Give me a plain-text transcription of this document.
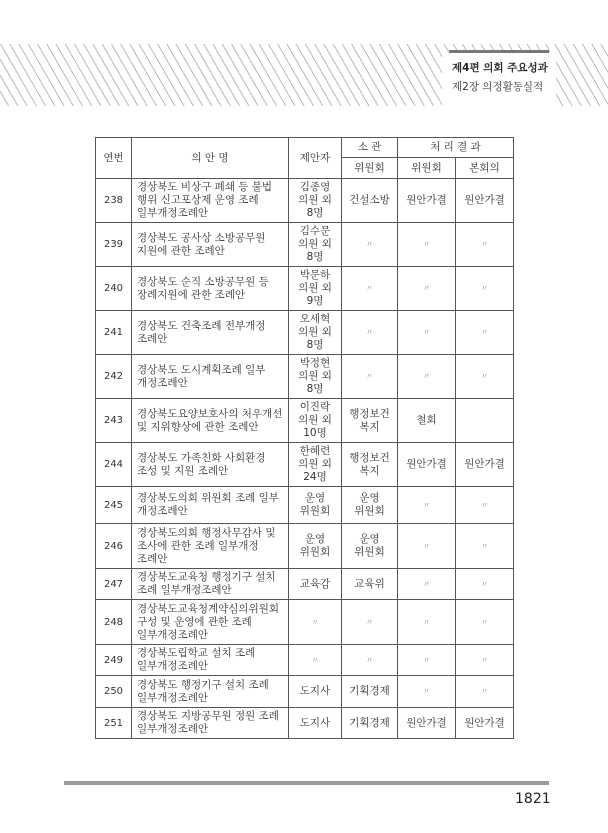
제4편 의회 주요성과
제2장 의정활동실적
연번	의 안 명	제안자	소 관	처 리 결 과	
			위원회	위원회	본회의
238	경상북도 비상구 폐쇄 등 불법
행위 신고포상제 운영 조례
일부개정조례안	김종영
의원 외
8명	건설소방	원안가결	원안가결
239	경상북도 공사상 소방공무원
지원에 관한 조례안	김수문
의원 외
8명	〃	〃	〃
240	경상북도 순직 소방공무원 등
장례지원에 관한 조례안	박문하
의원 외
9명	〃	〃	〃
241	경상북도 건축조례 전부개정
조례안	오세혁
의원 외
8명	〃	〃	〃
242	경상북도 도시계획조례 일부
개정조례안	박정현
의원 외
8명	〃	〃	〃
243	경상북도요양보호사의 처우개선
및 지위향상에 관한 조례안	이진락
의원 외
10명	행정보건
복지	철회	
244	경상북도 가족친화 사회환경
조성 및 지원 조례안	한혜련
의원 외
24명	행정보건
복지	원안가결	원안가결
245	경상북도의회 위원회 조례 일부
개정조례안	운영
위원회	운영
위원회	〃	〃
246	경상북도의회 행정사무감사 및
조사에 관한 조례 일부개정
조례안	운영
위원회	운영
위원회	〃	〃
247	경상북도교육청 행정기구 설치
조례 일부개정조례안	교육감	교육위	〃	〃
248	경상북도교육청계약심의위원회
구성 및 운영에 관한 조례
일부개정조례안	〃	〃	〃	〃
249	경상북도립학교 설치 조례
일부개정조례안	〃	〃	〃	〃
250	경상북도 행정기구 설치 조례
일부개정조례안	도지사	기획경제	〃	〃
251	경상북도 지방공무원 정원 조례
일부개정조례안	도지사	기획경제	원안가결	원안가결
1821
